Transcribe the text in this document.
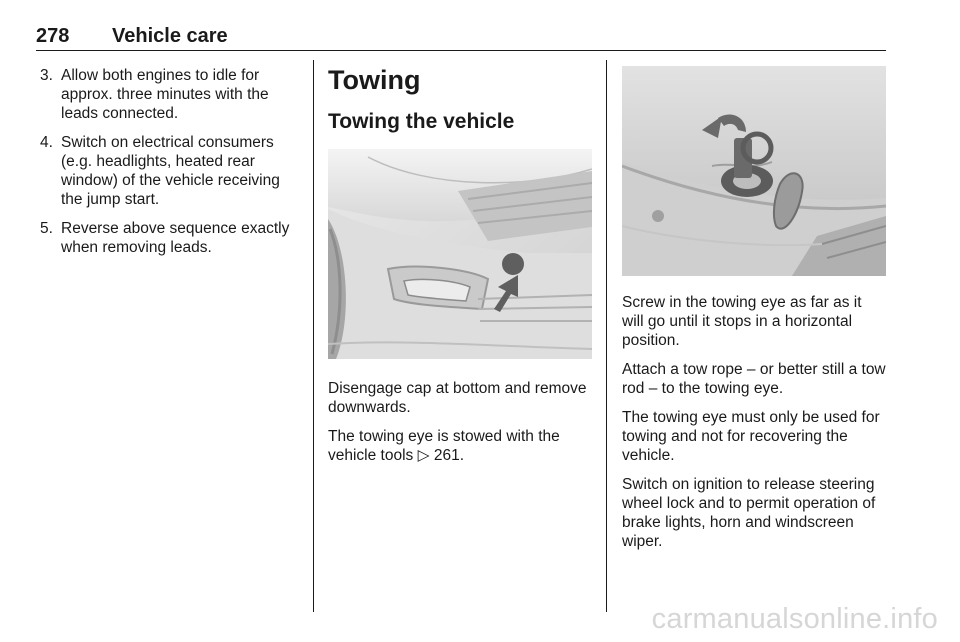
278 Vehicle care
3. Allow both engines to idle for approx. three minutes with the leads connected.
4. Switch on electrical consumers (e.g. headlights, heated rear window) of the vehicle receiving the jump start.
5. Reverse above sequence exactly when removing leads.
Towing
Towing the vehicle

Disengage cap at bottom and remove downwards.

The towing eye is stowed with the vehicle tools ▷ 261.

Screw in the towing eye as far as it will go until it stops in a horizontal position.

Attach a tow rope – or better still a tow rod – to the towing eye.

The towing eye must only be used for towing and not for recovering the vehicle.

Switch on ignition to release steering wheel lock and to permit operation of brake lights, horn and windscreen wiper.

carmanualsonline.info
